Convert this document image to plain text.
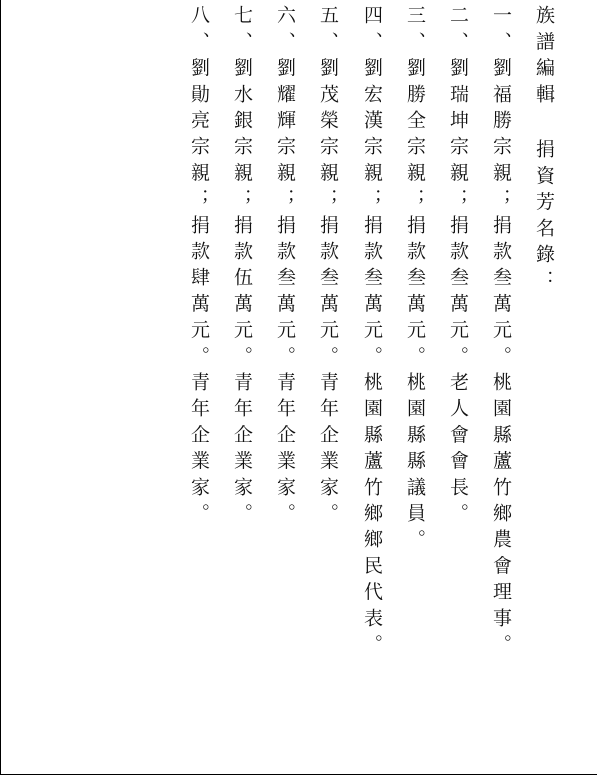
族譜編輯 捐資芳名錄：
一、劉福勝宗親；捐款叁萬元。桃園縣蘆竹鄉農會理事。
二、劉瑞坤宗親；捐款叁萬元。老人會會長。
三、劉勝全宗親；捐款叁萬元。桃園縣縣議員。
四、劉宏漢宗親；捐款叁萬元。桃園縣蘆竹鄉鄉民代表。
五、劉茂榮宗親；捐款叁萬元。青年企業家。
六、劉耀輝宗親；捐款叁萬元。青年企業家。
七、劉水銀宗親；捐款伍萬元。青年企業家。
八、劉勛亮宗親；捐款肆萬元。青年企業家。
